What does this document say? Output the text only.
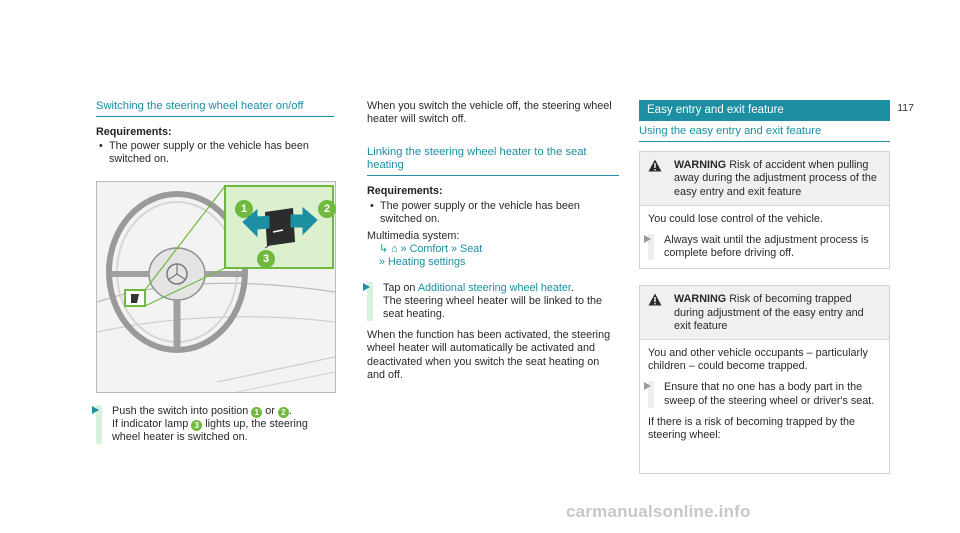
117
Switching the steering wheel heater on/off
Requirements:
• The power supply or the vehicle has been switched on.
1	2
3
Push the switch into position 1 or 2 .
If indicator lamp 3 lights up, the steering wheel heater is switched on.

When you switch the vehicle off, the steering wheel heater will switch off.

Linking the steering wheel heater to the seat heating
Requirements:
• The power supply or the vehicle has been switched on.
Multimedia system:
↳ ⌂ » Comfort » Seat
» Heating settings
Tap on Additional steering wheel heater.
The steering wheel heater will be linked to the seat heating.

When the function has been activated, the steering wheel heater will automatically be activated and deactivated when you switch the seat heating on and off.

Easy entry and exit feature
Using the easy entry and exit feature
WARNING Risk of accident when pulling away during the adjustment process of the easy entry and exit feature

You could lose control of the vehicle.

Always wait until the adjustment process is complete before driving off.
WARNING Risk of becoming trapped during adjustment of the easy entry and exit feature

You and other vehicle occupants – particularly children – could become trapped.

Ensure that no one has a body part in the sweep of the steering wheel or driver's seat.

If there is a risk of becoming trapped by the steering wheel:

carmanualsonline.info
